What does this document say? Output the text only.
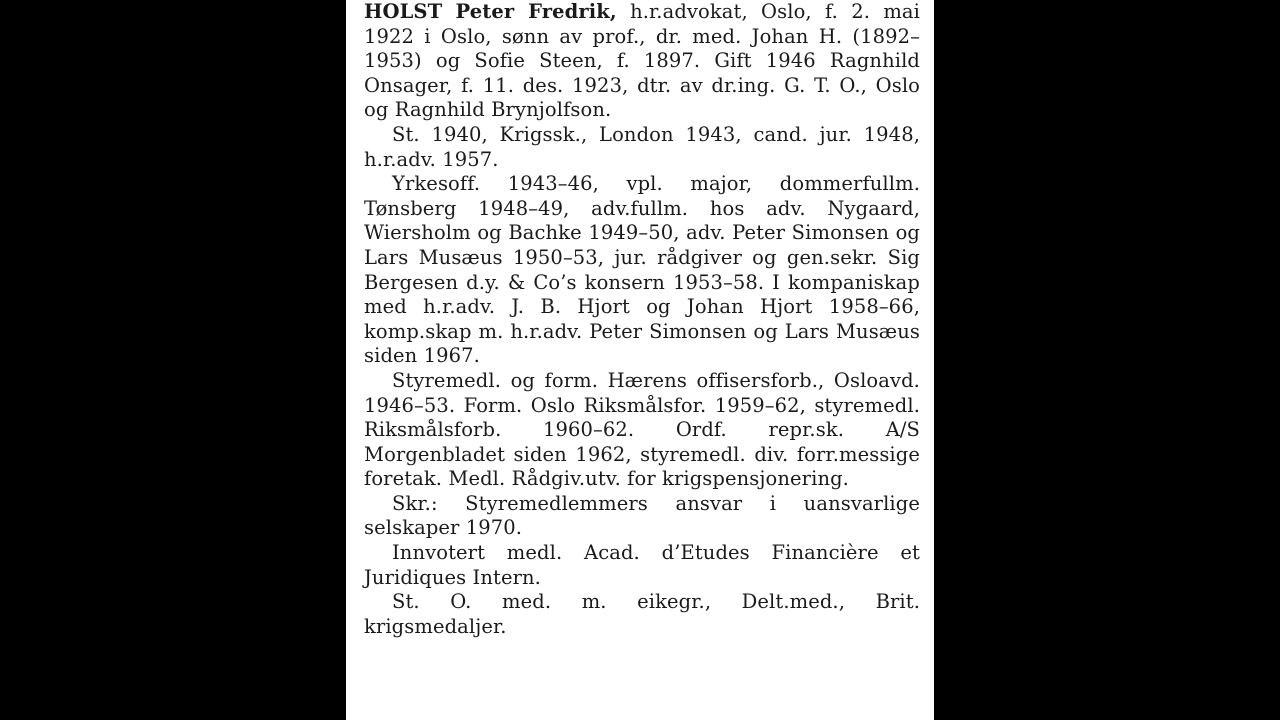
HOLST Peter Fredrik, h.r.advokat, Oslo, f. 2. mai 1922 i Oslo, sønn av prof., dr. med. Johan H. (1892–1953) og Sofie Steen, f. 1897. Gift 1946 Ragnhild Onsager, f. 11. des. 1923, dtr. av dr.ing. G. T. O., Oslo og Ragnhild Brynjolfson.

St. 1940, Krigssk., London 1943, cand. jur. 1948, h.r.adv. 1957.

Yrkesoff. 1943–46, vpl. major, dommerfullm. Tønsberg 1948–49, adv.fullm. hos adv. Nygaard, Wiersholm og Bachke 1949–50, adv. Peter Simonsen og Lars Musæus 1950–53, jur. rådgiver og gen.sekr. Sig Bergesen d.y. & Co’s konsern 1953–58. I kompaniskap med h.r.adv. J. B. Hjort og Johan Hjort 1958–66, komp.skap m. h.r.adv. Peter Simonsen og Lars Musæus siden 1967.

Styremedl. og form. Hærens offisersforb., Osloavd. 1946–53. Form. Oslo Riksmålsfor. 1959–62, styremedl. Riksmålsforb. 1960–62. Ordf. repr.sk. A/S Morgenbladet siden 1962, styremedl. div. forr.messige foretak. Medl. Rådgiv.utv. for krigspensjonering.

Skr.: Styremedlemmers ansvar i uansvarlige selskaper 1970.

Innvotert medl. Acad. d’Etudes Financière et Juridiques Intern.

St. O. med. m. eikegr., Delt.med., Brit. krigsmedaljer.
